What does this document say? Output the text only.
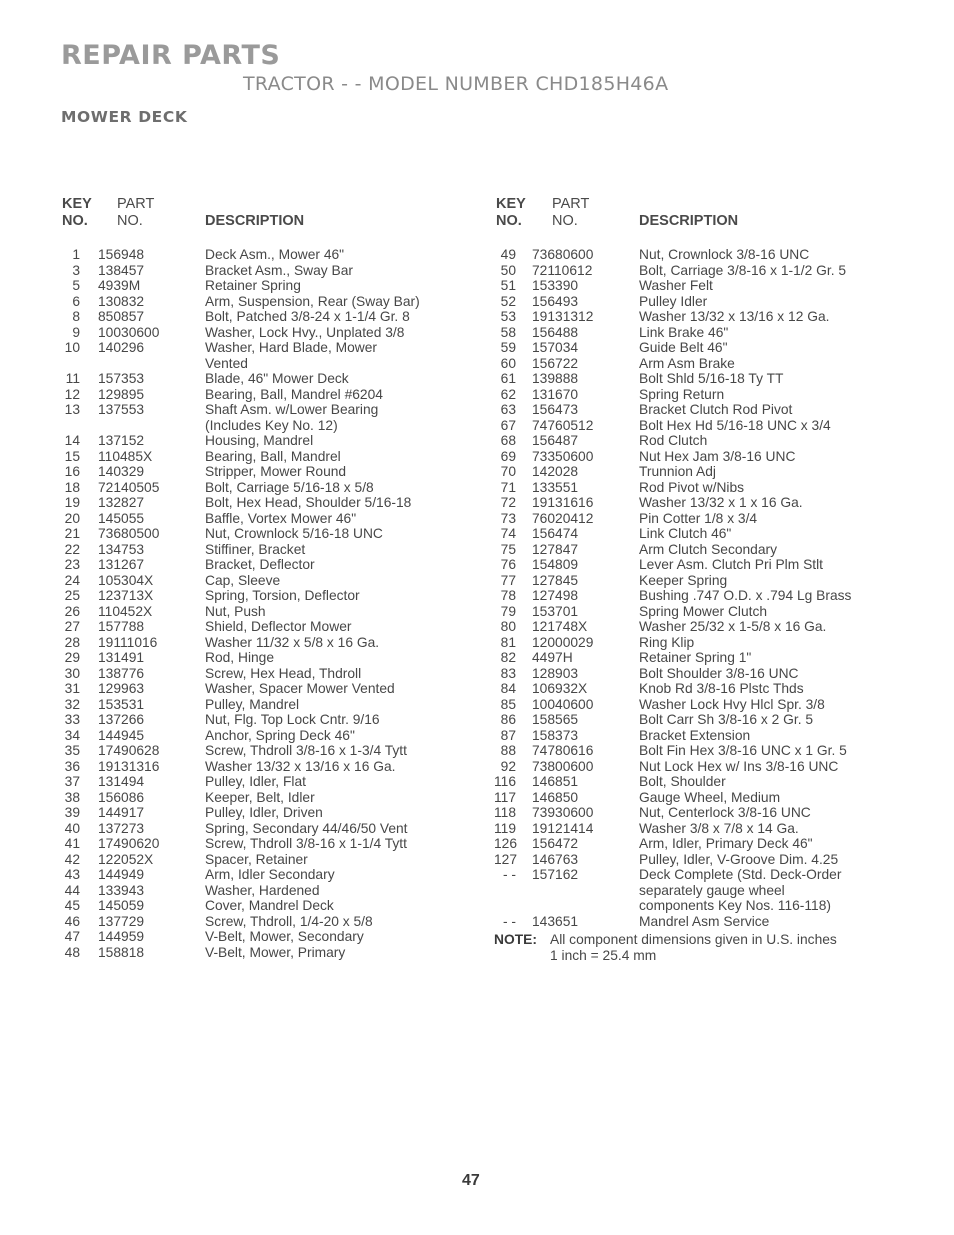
REPAIR PARTS
TRACTOR - - MODEL NUMBER CHD185H46A
MOWER DECK
KEY
NO.
PART
NO.	DESCRIPTION
1 156948	Deck Asm., Mower 46"
3 138457	Bracket Asm., Sway Bar
5 4939M	Retainer Spring
6 130832	Arm, Suspension, Rear (Sway Bar)
8 850857	Bolt, Patched 3/8-24 x 1-1/4 Gr. 8
9 10030600	Washer, Lock Hvy., Unplated 3/8
10 140296	Washer, Hard Blade, Mower
Vented
11 157353	Blade, 46" Mower Deck
12 129895	Bearing, Ball, Mandrel #6204
13 137553	Shaft Asm. w/Lower Bearing
(Includes Key No. 12)
14 137152	Housing, Mandrel
15 110485X	Bearing, Ball, Mandrel
16 140329	Stripper, Mower Round
18 72140505	Bolt, Carriage 5/16-18 x 5/8
19 132827	Bolt, Hex Head, Shoulder 5/16-18
20 145055	Baffle, Vortex Mower 46"
21 73680500	Nut, Crownlock 5/16-18 UNC
22 134753	Stiffiner, Bracket
23 131267	Bracket, Deflector
24 105304X	Cap, Sleeve
25 123713X	Spring, Torsion, Deflector
26 110452X	Nut, Push
27 157788	Shield, Deflector Mower
28 19111016	Washer 11/32 x 5/8 x 16 Ga.
29 131491	Rod, Hinge
30 138776	Screw, Hex Head, Thdroll
31 129963	Washer, Spacer Mower Vented
32 153531	Pulley, Mandrel
33 137266	Nut, Flg. Top Lock Cntr. 9/16
34 144945	Anchor, Spring Deck 46"
35 17490628	Screw, Thdroll 3/8-16 x 1-3/4 Tytt
36 19131316	Washer 13/32 x 13/16 x 16 Ga.
37 131494	Pulley, Idler, Flat
38 156086	Keeper, Belt, Idler
39 144917	Pulley, Idler, Driven
40 137273	Spring, Secondary 44/46/50 Vent
41 17490620	Screw, Thdroll 3/8-16 x 1-1/4 Tytt
42 122052X	Spacer, Retainer
43 144949	Arm, Idler Secondary
44 133943	Washer, Hardened
45 145059	Cover, Mandrel Deck
46 137729	Screw, Thdroll, 1/4-20 x 5/8
47 144959	V-Belt, Mower, Secondary
48 158818	V-Belt, Mower, Primary
KEY
NO.
PART
NO.	DESCRIPTION
49 73680600	Nut, Crownlock 3/8-16 UNC
50 72110612	Bolt, Carriage 3/8-16 x 1-1/2 Gr. 5
51 153390	Washer Felt
52 156493	Pulley Idler
53 19131312	Washer 13/32 x 13/16 x 12 Ga.
58 156488	Link Brake 46"
59 157034	Guide Belt 46"
60 156722	Arm Asm Brake
61 139888	Bolt Shld 5/16-18 Ty TT
62 131670	Spring Return
63 156473	Bracket Clutch Rod Pivot
67 74760512	Bolt Hex Hd 5/16-18 UNC x 3/4
68 156487	Rod Clutch
69 73350600	Nut Hex Jam 3/8-16 UNC
70 142028	Trunnion Adj
71 133551	Rod Pivot w/Nibs
72 19131616	Washer 13/32 x 1 x 16 Ga.
73 76020412	Pin Cotter 1/8 x 3/4
74 156474	Link Clutch 46"
75 127847	Arm Clutch Secondary
76 154809	Lever Asm. Clutch Pri Plm Stlt
77 127845	Keeper Spring
78 127498	Bushing .747 O.D. x .794 Lg Brass
79 153701	Spring Mower Clutch
80 121748X	Washer 25/32 x 1-5/8 x 16 Ga.
81 12000029	Ring Klip
82 4497H	Retainer Spring 1"
83 128903	Bolt Shoulder 3/8-16 UNC
84 106932X	Knob Rd 3/8-16 Plstc Thds
85 10040600	Washer Lock Hvy Hlcl Spr. 3/8
86 158565	Bolt Carr Sh 3/8-16 x 2 Gr. 5
87 158373	Bracket Extension
88 74780616	Bolt Fin Hex 3/8-16 UNC x 1 Gr. 5
92 73800600	Nut Lock Hex w/ Ins 3/8-16 UNC
116 146851	Bolt, Shoulder
117 146850	Gauge Wheel, Medium
118 73930600	Nut, Centerlock 3/8-16 UNC
119 19121414	Washer 3/8 x 7/8 x 14 Ga.
126 156472	Arm, Idler, Primary Deck 46"
127 146763	Pulley, Idler, V-Groove Dim. 4.25
- - 157162	Deck Complete (Std. Deck-Order
separately gauge wheel
components Key Nos. 116-118)
- - 143651	Mandrel Asm Service
NOTE: All component dimensions given in U.S. inches
1 inch = 25.4 mm
47
